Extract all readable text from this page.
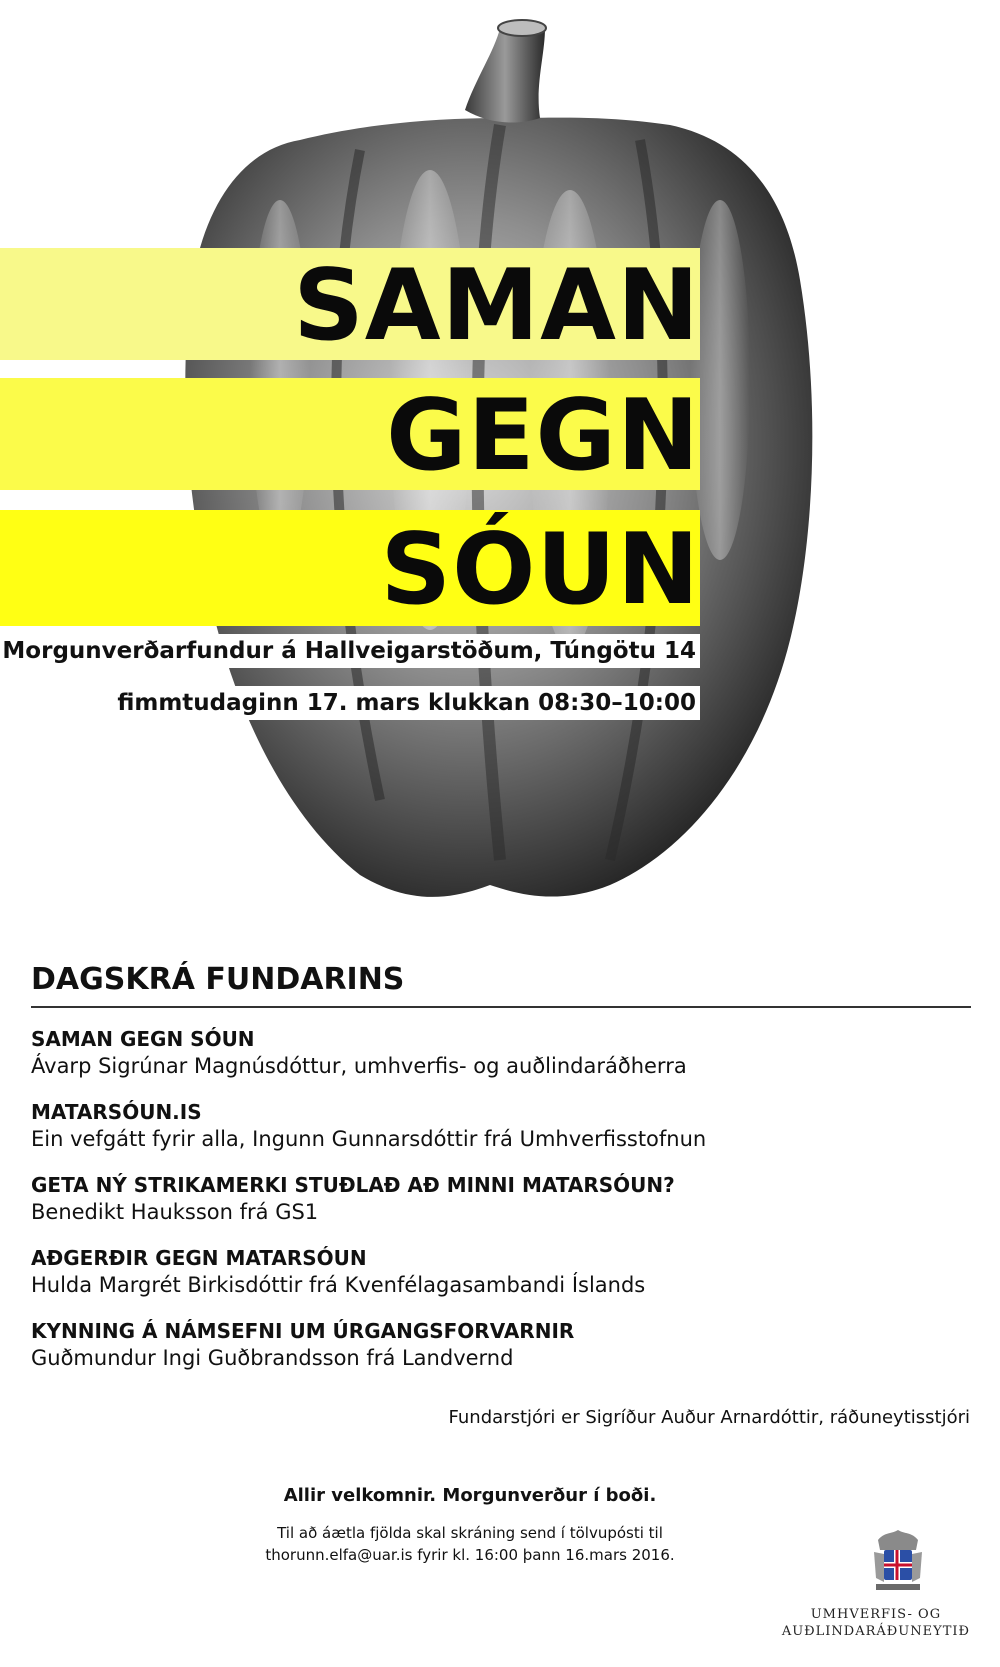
SAMAN
GEGN
SÓUN
Morgunverðarfundur á Hallveigarstöðum, Túngötu 14
fimmtudaginn 17. mars klukkan 08:30–10:00
DAGSKRÁ FUNDARINS
SAMAN GEGN SÓUN
Ávarp Sigrúnar Magnúsdóttur, umhverfis- og auðlindaráðherra
MATARSÓUN.IS
Ein vefgátt fyrir alla, Ingunn Gunnarsdóttir frá Umhverfisstofnun
GETA NÝ STRIKAMERKI STUÐLAÐ AÐ MINNI MATARSÓUN?
Benedikt Hauksson frá GS1
AÐGERÐIR GEGN MATARSÓUN
Hulda Margrét Birkisdóttir frá Kvenfélagasambandi Íslands
KYNNING Á NÁMSEFNI UM ÚRGANGSFORVARNIR
Guðmundur Ingi Guðbrandsson frá Landvernd
Fundarstjóri er Sigríður Auður Arnardóttir, ráðuneytisstjóri
Allir velkomnir. Morgunverður í boði.
Til að áætla fjölda skal skráning send í tölvupósti til
thorunn.elfa@uar.is fyrir kl. 16:00 þann 16.mars 2016.
UMHVERFIS- OG
AUÐLINDARÁÐUNEYTIÐ
